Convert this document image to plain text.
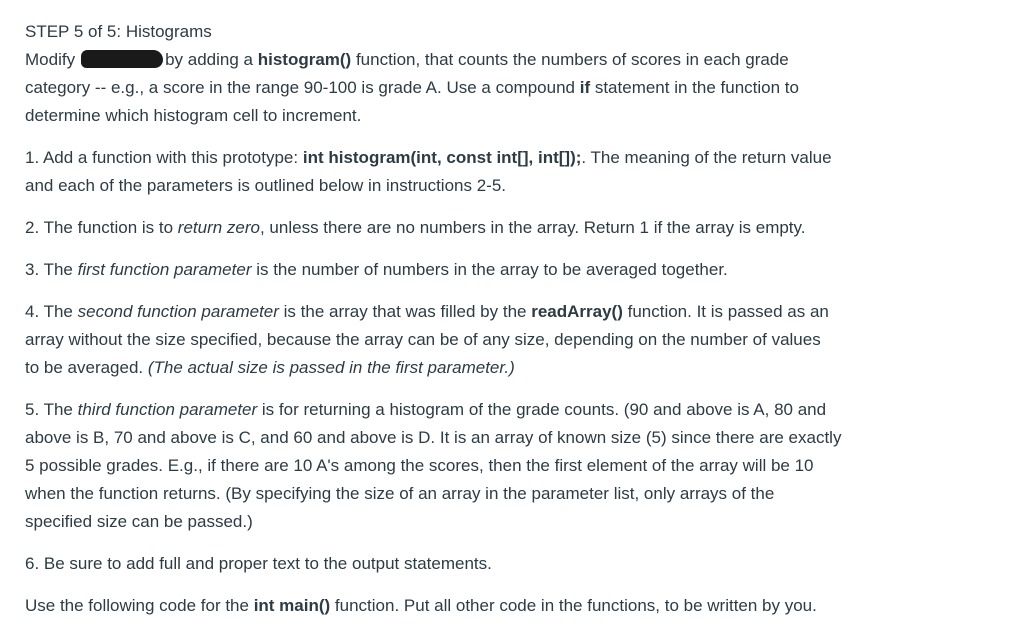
STEP 5 of 5: Histograms
Modify	by adding a histogram() function, that counts the numbers of scores in each grade
category -- e.g., a score in the range 90-100 is grade A. Use a compound if statement in the function to
determine which histogram cell to increment.
1. Add a function with this prototype: int histogram(int, const int[], int[]);. The meaning of the return value
and each of the parameters is outlined below in instructions 2-5.
2. The function is to return zero, unless there are no numbers in the array. Return 1 if the array is empty.
3. The first function parameter is the number of numbers in the array to be averaged together.
4. The second function parameter is the array that was filled by the readArray() function. It is passed as an
array without the size specified, because the array can be of any size, depending on the number of values
to be averaged. (The actual size is passed in the first parameter.)
5. The third function parameter is for returning a histogram of the grade counts. (90 and above is A, 80 and
above is B, 70 and above is C, and 60 and above is D. It is an array of known size (5) since there are exactly
5 possible grades. E.g., if there are 10 A's among the scores, then the first element of the array will be 10
when the function returns. (By specifying the size of an array in the parameter list, only arrays of the
specified size can be passed.)
6. Be sure to add full and proper text to the output statements.
Use the following code for the int main() function. Put all other code in the functions, to be written by you.
